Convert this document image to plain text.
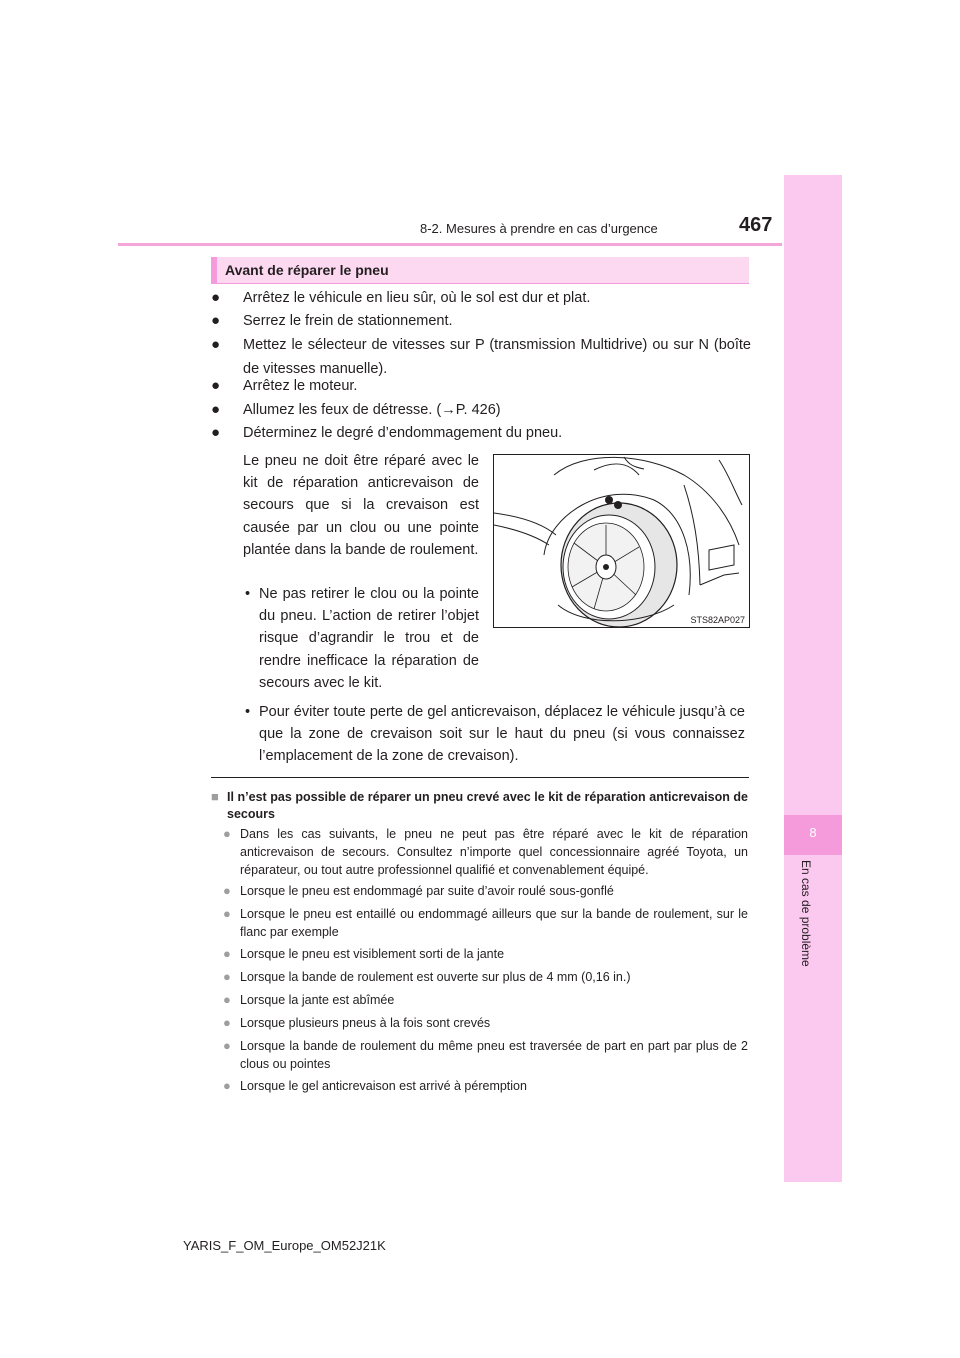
8
En cas de problème
8-2. Mesures à prendre en cas d’urgence	467
Avant de réparer le pneu
● Arrêtez le véhicule en lieu sûr, où le sol est dur et plat.
● Serrez le frein de stationnement.
● Mettez le sélecteur de vitesses sur P (transmission Multidrive) ou sur N (boîte de vitesses manuelle).
● Arrêtez le moteur.
● Allumez les feux de détresse. (→P. 426)
● Déterminez le degré d’endommagement du pneu.
Le pneu ne doit être réparé avec le kit de réparation anticrevaison de secours que si la crevaison est causée par un clou ou une pointe plantée dans la bande de roulement.
• Ne pas retirer le clou ou la pointe du pneu. L’action de retirer l’objet risque d’agrandir le trou et de rendre inefficace la réparation de secours avec le kit.
• Pour éviter toute perte de gel anticrevaison, déplacez le véhicule jusqu’à ce que la zone de crevaison soit sur le haut du pneu (si vous connaissez l’emplacement de la zone de crevaison).
STS82AP027
■ Il n’est pas possible de réparer un pneu crevé avec le kit de réparation anticrevaison de secours
● Dans les cas suivants, le pneu ne peut pas être réparé avec le kit de réparation anticrevaison de secours. Consultez n’importe quel concessionnaire agréé Toyota, un réparateur, ou tout autre professionnel qualifié et convenablement équipé.
● Lorsque le pneu est endommagé par suite d’avoir roulé sous-gonflé
● Lorsque le pneu est entaillé ou endommagé ailleurs que sur la bande de roulement, sur le flanc par exemple
● Lorsque le pneu est visiblement sorti de la jante
● Lorsque la bande de roulement est ouverte sur plus de 4 mm (0,16 in.)
● Lorsque la jante est abîmée
● Lorsque plusieurs pneus à la fois sont crevés
● Lorsque la bande de roulement du même pneu est traversée de part en part par plus de 2 clous ou pointes
● Lorsque le gel anticrevaison est arrivé à péremption
YARIS_F_OM_Europe_OM52J21K
